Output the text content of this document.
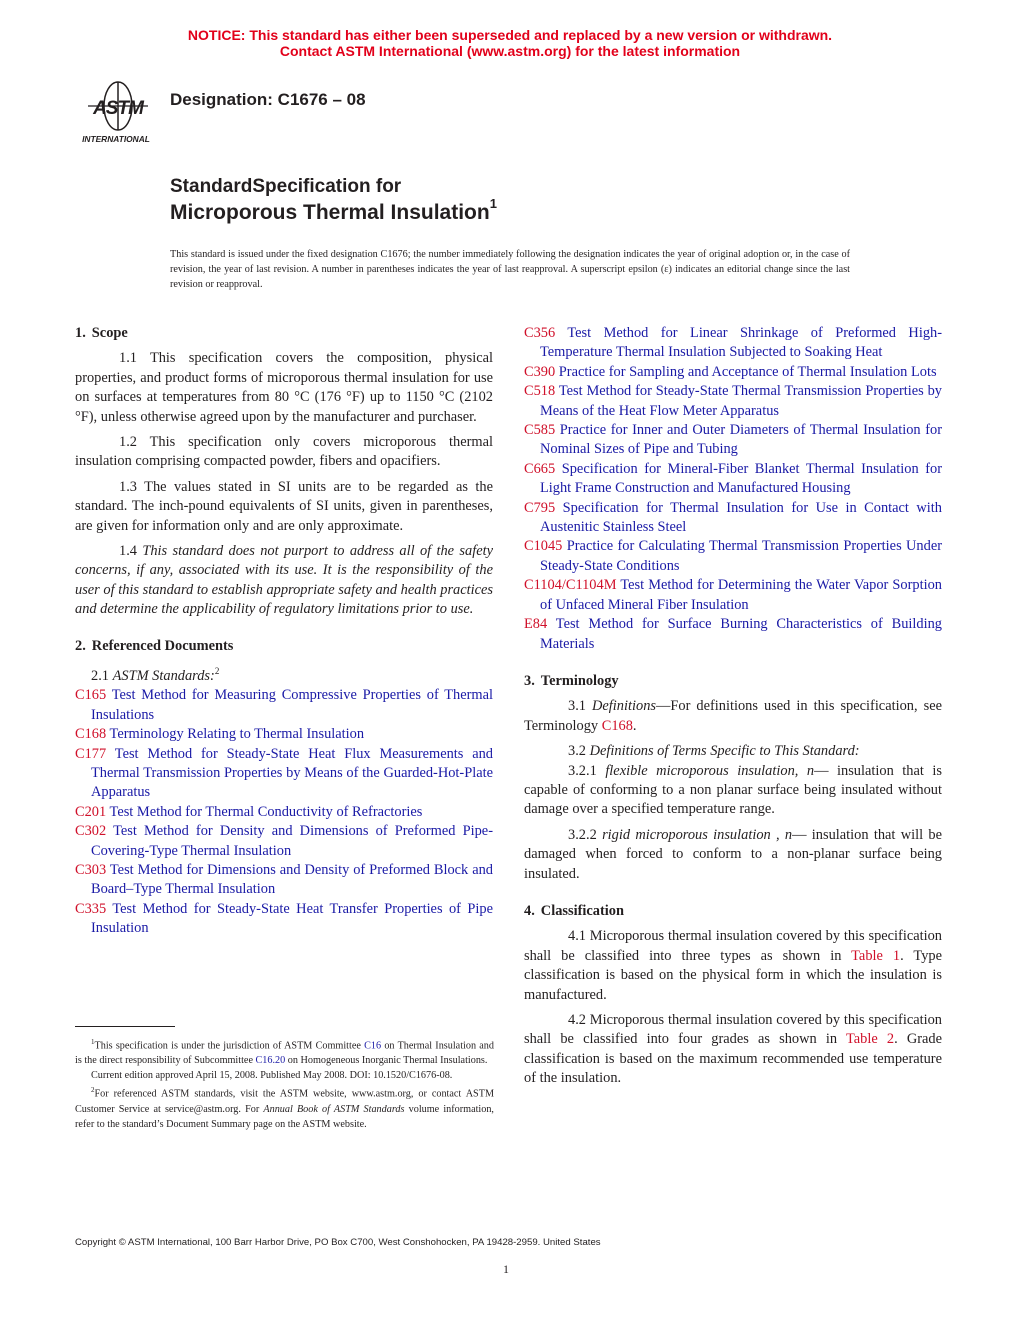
NOTICE: This standard has either been superseded and replaced by a new version or withdrawn.
Contact ASTM International (www.astm.org) for the latest information
ASTM
INTERNATIONAL
Designation: C1676 – 08
StandardSpecification for
Microporous Thermal Insulation$^1$
This standard is issued under the fixed designation C1676; the number immediately following the designation indicates the year of original adoption or, in the case of revision, the year of last revision. A number in parentheses indicates the year of last reapproval. A superscript epsilon (ε) indicates an editorial change since the last revision or reapproval.
1. Scope

1.1 This specification covers the composition, physical properties, and product forms of microporous thermal insulation for use on surfaces at temperatures from 80 °C (176 °F) up to 1150 °C (2102 °F), unless otherwise agreed upon by the manufacturer and purchaser.

1.2 This specification only covers microporous thermal insulation comprising compacted powder, fibers and opacifiers.

1.3 The values stated in SI units are to be regarded as the standard. The inch-pound equivalents of SI units, given in parentheses, are given for information only and are only approximate.

1.4 This standard does not purport to address all of the safety concerns, if any, associated with its use. It is the responsibility of the user of this standard to establish appropriate safety and health practices and determine the applicability of regulatory limitations prior to use.

2. Referenced Documents

2.1 ASTM Standards:$^2$

C165 Test Method for Measuring Compressive Properties of Thermal Insulations

C168 Terminology Relating to Thermal Insulation

C177 Test Method for Steady-State Heat Flux Measurements and Thermal Transmission Properties by Means of the Guarded-Hot-Plate Apparatus

C201 Test Method for Thermal Conductivity of Refractories

C302 Test Method for Density and Dimensions of Preformed Pipe-Covering-Type Thermal Insulation

C303 Test Method for Dimensions and Density of Preformed Block and Board–Type Thermal Insulation

C335 Test Method for Steady-State Heat Transfer Properties of Pipe Insulation

C356 Test Method for Linear Shrinkage of Preformed High-Temperature Thermal Insulation Subjected to Soaking Heat

C390 Practice for Sampling and Acceptance of Thermal Insulation Lots

C518 Test Method for Steady-State Thermal Transmission Properties by Means of the Heat Flow Meter Apparatus

C585 Practice for Inner and Outer Diameters of Thermal Insulation for Nominal Sizes of Pipe and Tubing

C665 Specification for Mineral-Fiber Blanket Thermal Insulation for Light Frame Construction and Manufactured Housing

C795 Specification for Thermal Insulation for Use in Contact with Austenitic Stainless Steel

C1045 Practice for Calculating Thermal Transmission Properties Under Steady-State Conditions

C1104/C1104M Test Method for Determining the Water Vapor Sorption of Unfaced Mineral Fiber Insulation

E84 Test Method for Surface Burning Characteristics of Building Materials

3. Terminology

3.1 Definitions—For definitions used in this specification, see Terminology C168.

3.2 Definitions of Terms Specific to This Standard:

3.2.1 flexible microporous insulation, n— insulation that is capable of conforming to a non planar surface being insulated without damage over a specified temperature range.

3.2.2 rigid microporous insulation , n— insulation that will be damaged when forced to conform to a non-planar surface being insulated.

4. Classification

4.1 Microporous thermal insulation covered by this specification shall be classified into three types as shown in Table 1. Type classification is based on the physical form in which the insulation is manufactured.

4.2 Microporous thermal insulation covered by this specification shall be classified into four grades as shown in Table 2. Grade classification is based on the maximum recommended use temperature of the insulation.

$^1$This specification is under the jurisdiction of ASTM Committee C16 on Thermal Insulation and is the direct responsibility of Subcommittee C16.20 on Homogeneous Inorganic Thermal Insulations.

Current edition approved April 15, 2008. Published May 2008. DOI: 10.1520/C1676-08.

$^2$For referenced ASTM standards, visit the ASTM website, www.astm.org, or contact ASTM Customer Service at service@astm.org. For Annual Book of ASTM Standards volume information, refer to the standard’s Document Summary page on the ASTM website.

Copyright © ASTM International, 100 Barr Harbor Drive, PO Box C700, West Conshohocken, PA 19428-2959. United States
1
